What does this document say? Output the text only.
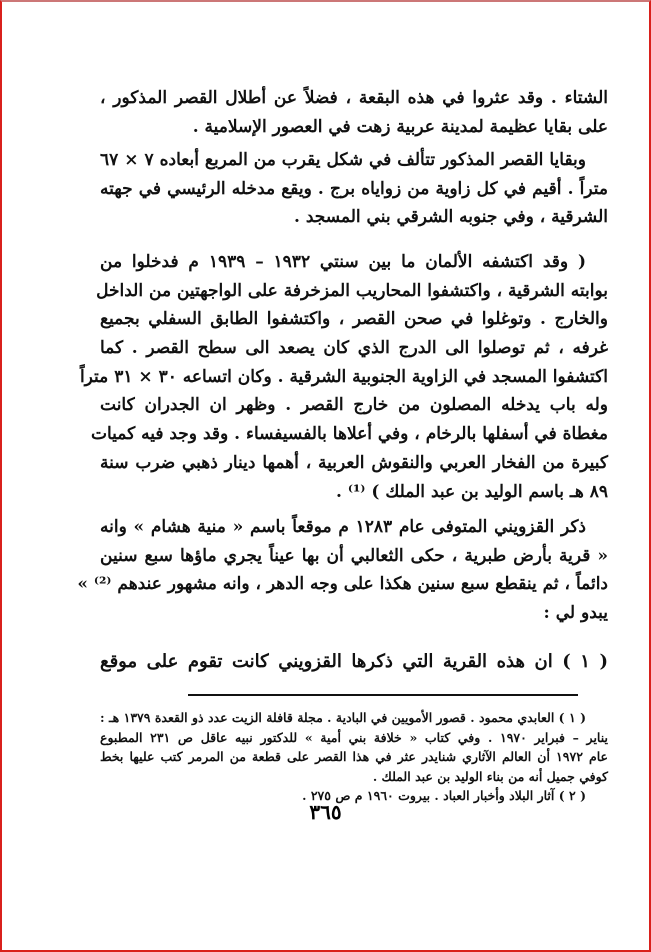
الشتاء . وقد عثروا في هذه البقعة ، فضلاً عن أطلال القصر المذكور ،
على بقايا عظيمة لمدينة عربية زهت في العصور الإسلامية .
وبقايا القصر المذكور تتألف في شكل يقرب من المربع أبعاده ٧ × ٦٧
متراً . أقيم في كل زاوية من زواياه برج . ويقع مدخله الرئيسي في جهته
الشرقية ، وفي جنوبه الشرقي بني المسجد .
( وقد اكتشفه الألمان ما بين سنتي ١٩٣٢ – ١٩٣٩ م فدخلوا من
بوابته الشرقية ، واكتشفوا المحاريب المزخرفة على الواجهتين من الداخل
والخارج . وتوغلوا في صحن القصر ، واكتشفوا الطابق السفلي بجميع
غرفه ، ثم توصلوا الى الدرج الذي كان يصعد الى سطح القصر . كما
اكتشفوا المسجد في الزاوية الجنوبية الشرقية . وكان اتساعه ٣٠ × ٣١ متراً
وله باب يدخله المصلون من خارج القصر . وظهر ان الجدران كانت
مغطاة في أسفلها بالرخام ، وفي أعلاها بالفسيفساء . وقد وجد فيه كميات
كبيرة من الفخار العربي والنقوش العربية ، أهمها دينار ذهبي ضرب سنة
٨٩ هـ باسم الوليد بن عبد الملك ) ⁽¹⁾ .
ذكر القزويني المتوفى عام ١٢٨٣ م موقعاً باسم « منية هشام » وانه
« قرية بأرض طبرية ، حكى الثعالبي أن بها عيناً يجري ماؤها سبع سنين
دائماً ، ثم ينقطع سبع سنين هكذا على وجه الدهر ، وانه مشهور عندهم ⁽²⁾ »
يبدو لي :
( ١ ) ان هذه القرية التي ذكرها القزويني كانت تقوم على موقع
( ١ ) العابدي محمود . قصور الأمويين في البادية . مجلة قافلة الزيت عدد ذو القعدة ١٣٧٩ هـ :
يناير – فبراير ١٩٧٠ . وفي كتاب « خلافة بني أمية » للدكتور نبيه عاقل ص ٢٣١ المطبوع
عام ١٩٧٢ أن العالم الآثاري شنايدر عثر في هذا القصر على قطعة من المرمر كتب عليها بخط
كوفي جميل أنه من بناء الوليد بن عبد الملك .
( ٢ ) آثار البلاد وأخبار العباد . بيروت ١٩٦٠ م ص ٢٧٥ .
٣٦٥
